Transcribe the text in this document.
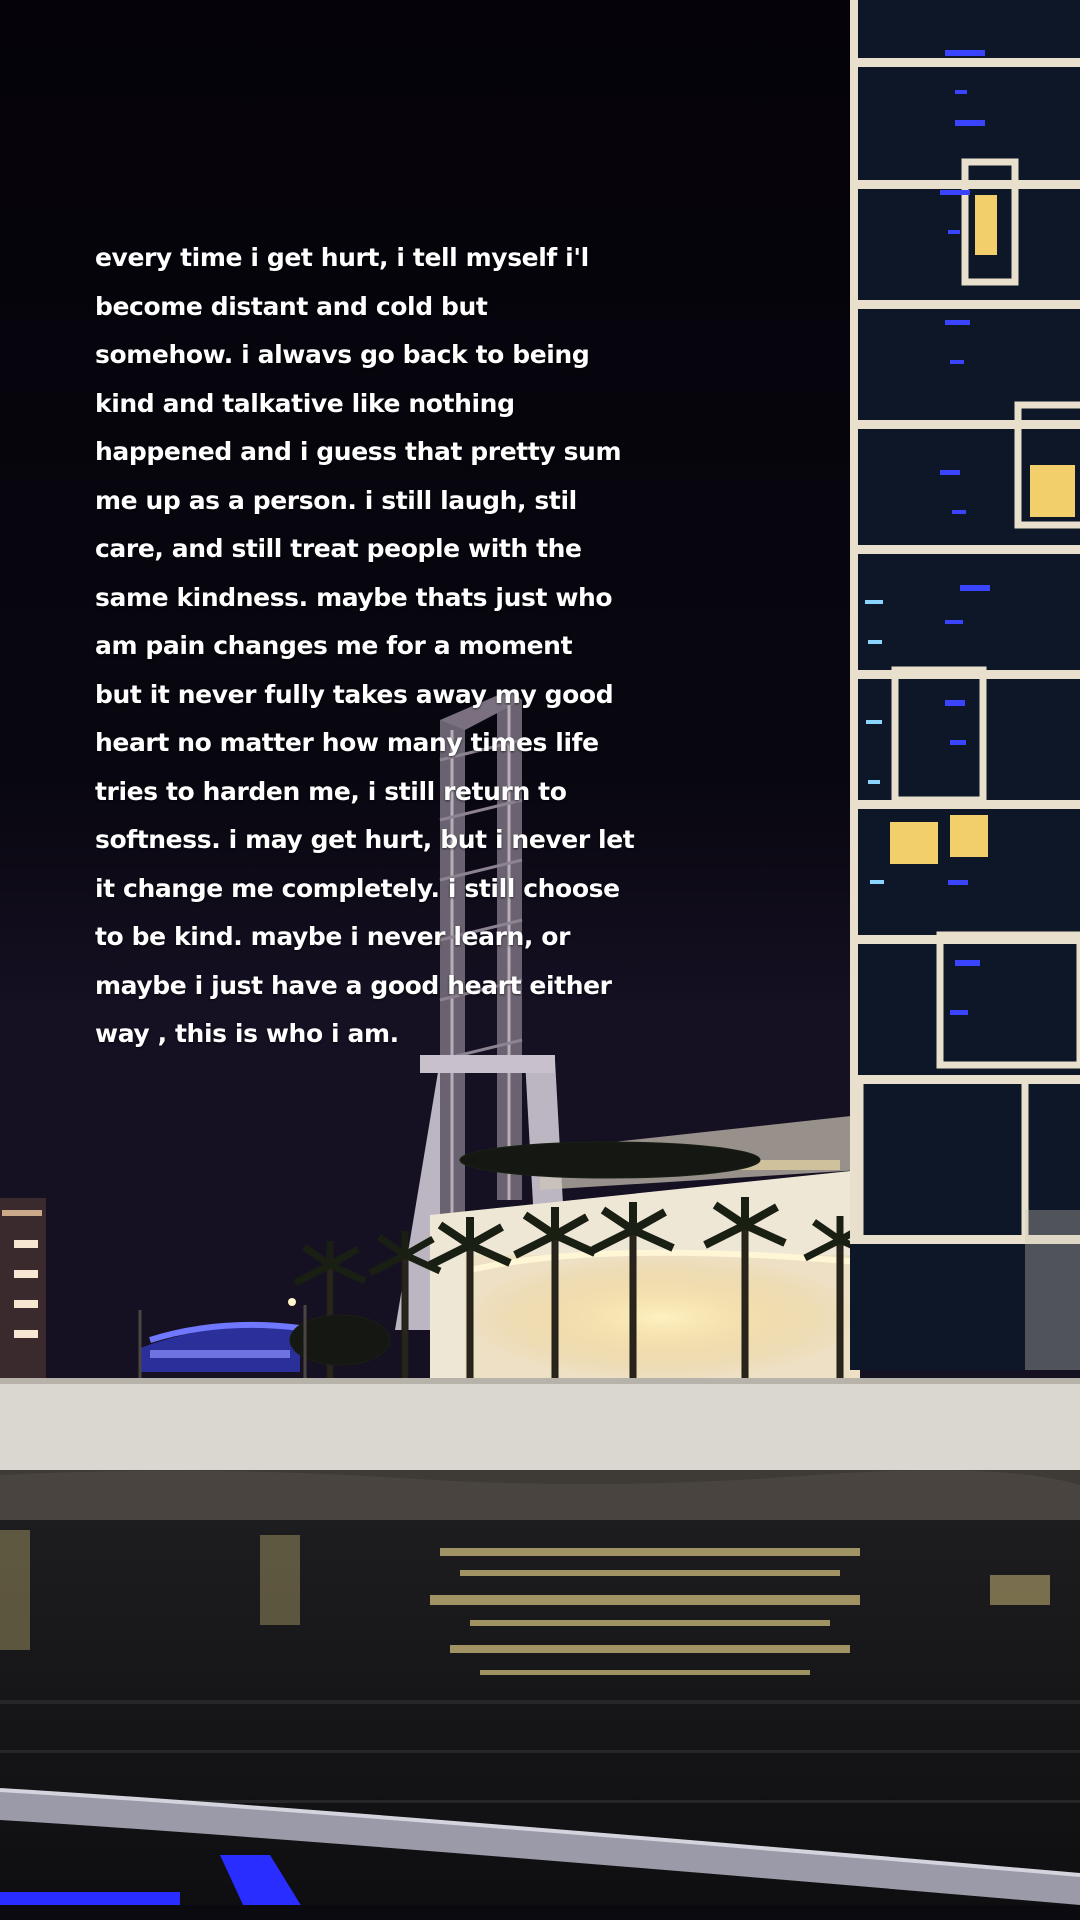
every time i get hurt, i tell myself i'l
become distant and cold but
somehow. i alwavs go back to being
kind and talkative like nothing
happened and i guess that pretty sum
me up as a person. i still laugh, stil
care, and still treat people with the
same kindness. maybe thats just who
am pain changes me for a moment
but it never fully takes away my good
heart no matter how many times life
tries to harden me, i still return to
softness. i may get hurt, but i never let
it change me completely. i still choose
to be kind. maybe i never learn, or
maybe i just have a good heart either
way , this is who i am.
